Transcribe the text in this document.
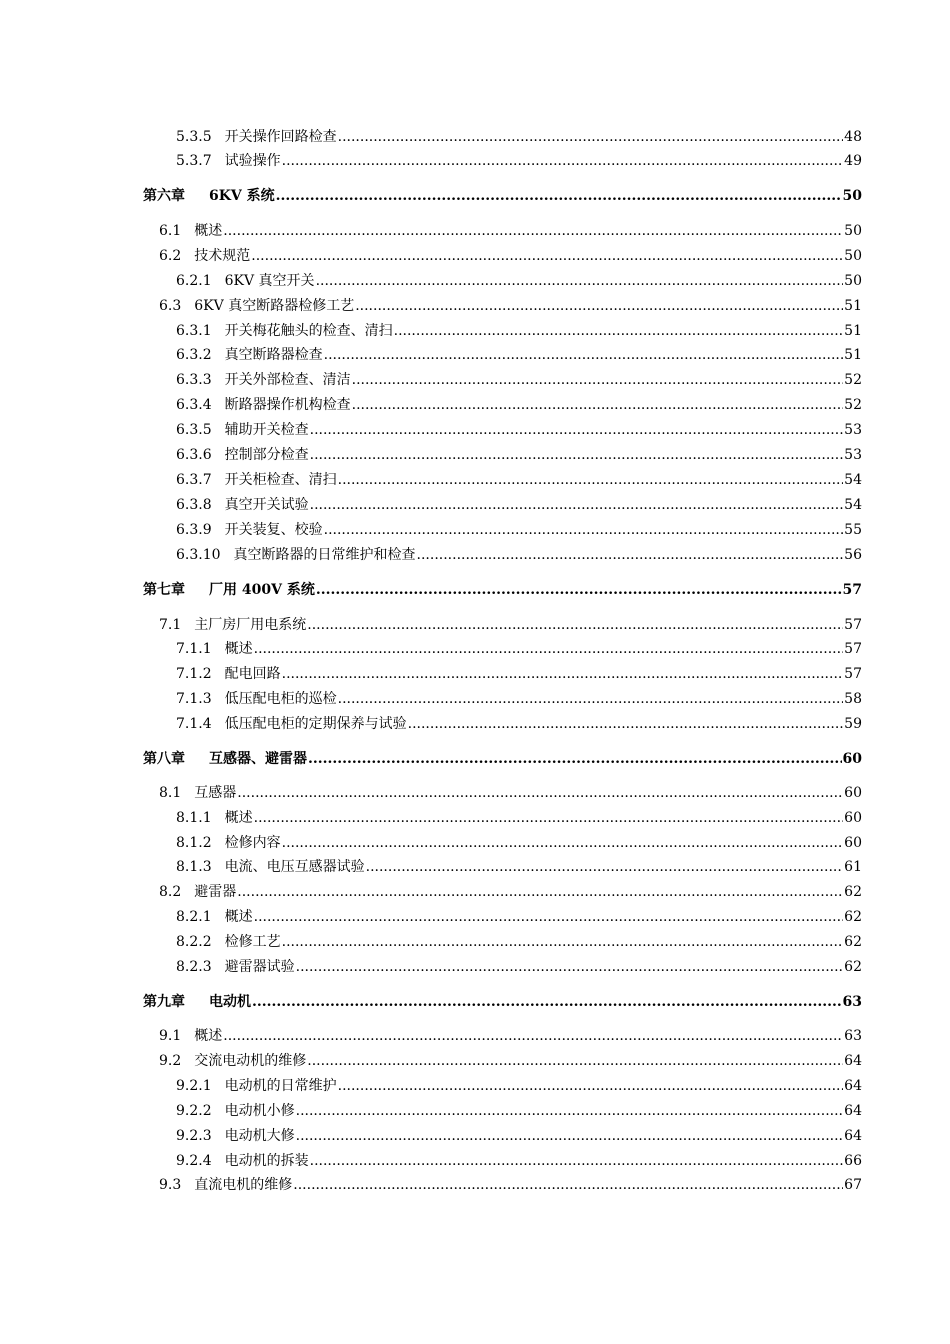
5.3.5 开关操作回路检查 .....	48
5.3.7 试验操作 .....	49
第六章 6KV 系统 .....	50
6.1 概述 .....	50
6.2 技术规范 .....	50
6.2.1 6KV 真空开关 .....	50
6.3 6KV 真空断路器检修工艺 .....	51
6.3.1 开关梅花触头的检查、清扫 .....	51
6.3.2 真空断路器检查 .....	51
6.3.3 开关外部检查、清洁 .....	52
6.3.4 断路器操作机构检查 .....	52
6.3.5 辅助开关检查 .....	53
6.3.6 控制部分检查 .....	53
6.3.7 开关柜检查、清扫 .....	54
6.3.8 真空开关试验 .....	54
6.3.9 开关装复、校验 .....	55
6.3.10 真空断路器的日常维护和检查 .....	56
第七章 厂用 400V 系统 .....	57
7.1 主厂房厂用电系统 .....	57
7.1.1 概述 .....	57
7.1.2 配电回路 .....	57
7.1.3 低压配电柜的巡检 .....	58
7.1.4 低压配电柜的定期保养与试验 .....	59
第八章 互感器、避雷器 .....	60
8.1 互感器 .....	60
8.1.1 概述 .....	60
8.1.2 检修内容 .....	60
8.1.3 电流、电压互感器试验 .....	61
8.2 避雷器 .....	62
8.2.1 概述 .....	62
8.2.2 检修工艺 .....	62
8.2.3 避雷器试验 .....	62
第九章 电动机 .....	63
9.1 概述 .....	63
9.2 交流电动机的维修 .....	64
9.2.1 电动机的日常维护 .....	64
9.2.2 电动机小修 .....	64
9.2.3 电动机大修 .....	64
9.2.4 电动机的拆装 .....	66
9.3 直流电机的维修 .....	67
